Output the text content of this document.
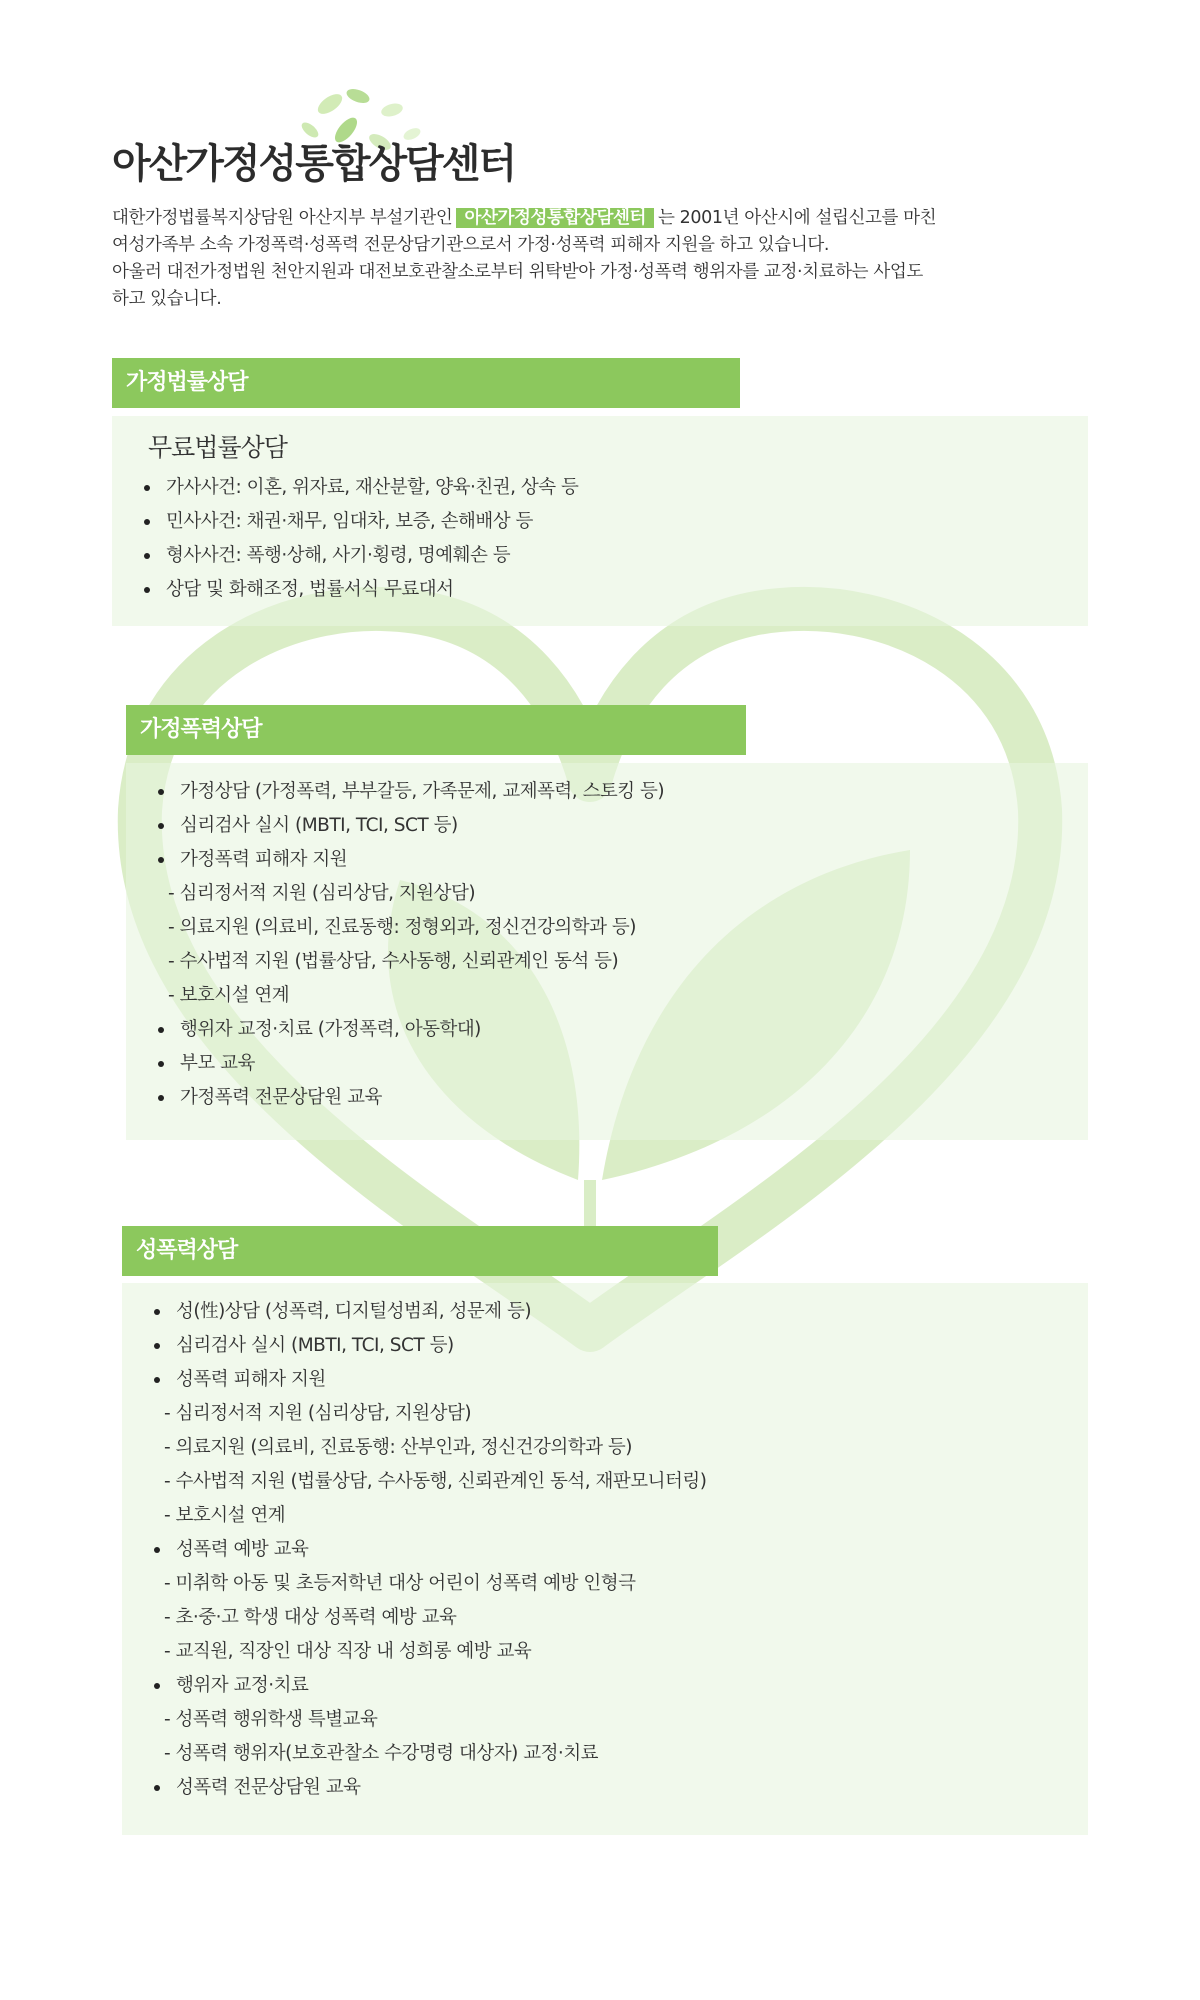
아산가정성통합상담센터

대한가정법률복지상담원 아산지부 부설기관인 아산가정성통합상담센터 는 2001년 아산시에 설립신고를 마친

여성가족부 소속 가정폭력·성폭력 전문상담기관으로서 가정·성폭력 피해자 지원을 하고 있습니다.

아울러 대전가정법원 천안지원과 대전보호관찰소로부터 위탁받아 가정·성폭력 행위자를 교정·치료하는 사업도

하고 있습니다.

가정법률상담
무료법률상담
가사사건: 이혼, 위자료, 재산분할, 양육·친권, 상속 등
민사사건: 채권·채무, 임대차, 보증, 손해배상 등
형사사건: 폭행·상해, 사기·횡령, 명예훼손 등
상담 및 화해조정, 법률서식 무료대서
가정폭력상담
가정상담 (가정폭력, 부부갈등, 가족문제, 교제폭력, 스토킹 등)
심리검사 실시 (MBTI, TCI, SCT 등)
가정폭력 피해자 지원
- 심리정서적 지원 (심리상담, 지원상담)
- 의료지원 (의료비, 진료동행: 정형외과, 정신건강의학과 등)
- 수사법적 지원 (법률상담, 수사동행, 신뢰관계인 동석 등)
- 보호시설 연계
행위자 교정·치료 (가정폭력, 아동학대)
부모 교육
가정폭력 전문상담원 교육
성폭력상담
성(性)상담 (성폭력, 디지털성범죄, 성문제 등)
심리검사 실시 (MBTI, TCI, SCT 등)
성폭력 피해자 지원
- 심리정서적 지원 (심리상담, 지원상담)
- 의료지원 (의료비, 진료동행: 산부인과, 정신건강의학과 등)
- 수사법적 지원 (법률상담, 수사동행, 신뢰관계인 동석, 재판모니터링)
- 보호시설 연계
성폭력 예방 교육
- 미취학 아동 및 초등저학년 대상 어린이 성폭력 예방 인형극
- 초·중·고 학생 대상 성폭력 예방 교육
- 교직원, 직장인 대상 직장 내 성희롱 예방 교육
행위자 교정·치료
- 성폭력 행위학생 특별교육
- 성폭력 행위자(보호관찰소 수강명령 대상자) 교정·치료
성폭력 전문상담원 교육
